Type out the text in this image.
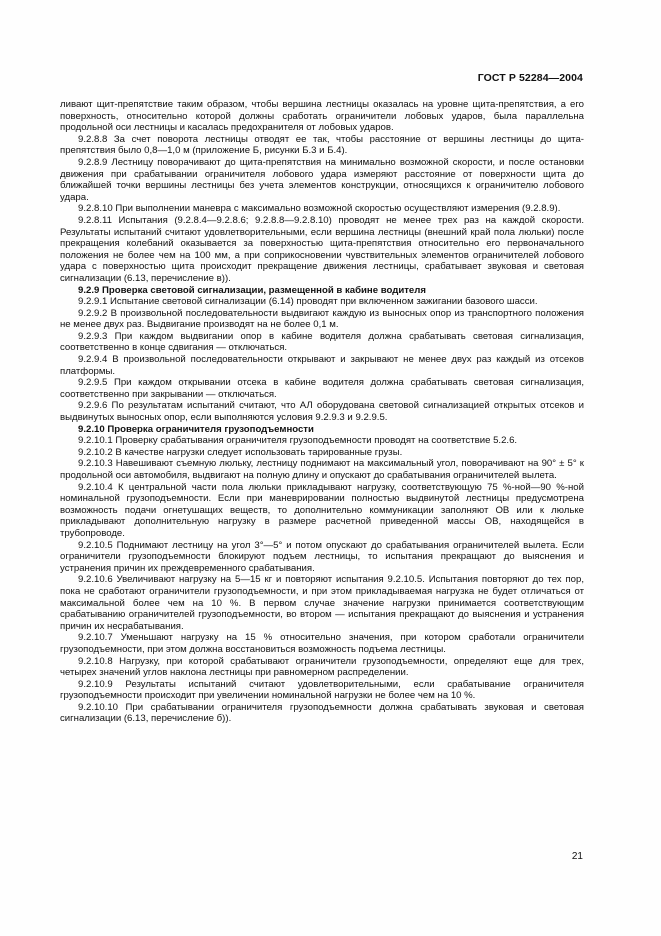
ГОСТ Р 52284—2004

ливают щит-препятствие таким образом, чтобы вершина лестницы оказалась на уровне щита-препятствия, а его поверхность, относительно которой должны сработать ограничители лобовых ударов, была параллельна продольной оси лестницы и касалась предохранителя от лобовых ударов.

9.2.8.8 За счет поворота лестницы отводят ее так, чтобы расстояние от вершины лестницы до щита-препятствия было 0,8—1,0 м (приложение Б, рисунки Б.3 и Б.4).

9.2.8.9 Лестницу поворачивают до щита-препятствия на минимально возможной скорости, и после остановки движения при срабатывании ограничителя лобового удара измеряют расстояние от поверхности щита до ближайшей точки вершины лестницы без учета элементов конструкции, относящихся к ограничителю лобового удара.

9.2.8.10 При выполнении маневра с максимально возможной скоростью осуществляют измерения (9.2.8.9).

9.2.8.11 Испытания (9.2.8.4—9.2.8.6; 9.2.8.8—9.2.8.10) проводят не менее трех раз на каждой скорости. Результаты испытаний считают удовлетворительными, если вершина лестницы (внешний край пола люльки) после прекращения колебаний оказывается за поверхностью щита-препятствия относительно его первоначального положения не более чем на 100 мм, а при соприкосновении чувствительных элементов ограничителей лобового удара с поверхностью щита происходит прекращение движения лестницы, срабатывает звуковая и световая сигнализации (6.13, перечисление в)).

9.2.9 Проверка световой сигнализации, размещенной в кабине водителя

9.2.9.1 Испытание световой сигнализации (6.14) проводят при включенном зажигании базового шасси.

9.2.9.2 В произвольной последовательности выдвигают каждую из выносных опор из транспортного положения не менее двух раз. Выдвигание производят на не более 0,1 м.

9.2.9.3 При каждом выдвигании опор в кабине водителя должна срабатывать световая сигнализация, соответственно в конце сдвигания — отключаться.

9.2.9.4 В произвольной последовательности открывают и закрывают не менее двух раз каждый из отсеков платформы.

9.2.9.5 При каждом открывании отсека в кабине водителя должна срабатывать световая сигнализация, соответственно при закрывании — отключаться.

9.2.9.6 По результатам испытаний считают, что АЛ оборудована световой сигнализацией открытых отсеков и выдвинутых выносных опор, если выполняются условия 9.2.9.3 и 9.2.9.5.

9.2.10 Проверка ограничителя грузоподъемности

9.2.10.1 Проверку срабатывания ограничителя грузоподъемности проводят на соответствие 5.2.6.

9.2.10.2 В качестве нагрузки следует использовать тарированные грузы.

9.2.10.3 Навешивают съемную люльку, лестницу поднимают на максимальный угол, поворачивают на 90° ± 5° к продольной оси автомобиля, выдвигают на полную длину и опускают до срабатывания ограничителей вылета.

9.2.10.4 К центральной части пола люльки прикладывают нагрузку, соответствующую 75 %-ной—90 %-ной номинальной грузоподъемности. Если при маневрировании полностью выдвинутой лестницы предусмотрена возможность подачи огнетушащих веществ, то дополнительно коммуникации заполняют ОВ или к люльке прикладывают дополнительную нагрузку в размере расчетной приведенной массы ОВ, находящейся в трубопроводе.

9.2.10.5 Поднимают лестницу на угол 3°—5° и потом опускают до срабатывания ограничителей вылета. Если ограничители грузоподъемности блокируют подъем лестницы, то испытания прекращают до выяснения и устранения причин их преждевременного срабатывания.

9.2.10.6 Увеличивают нагрузку на 5—15 кг и повторяют испытания 9.2.10.5. Испытания повторяют до тех пор, пока не сработают ограничители грузоподъемности, и при этом прикладываемая нагрузка не будет отличаться от максимальной более чем на 10 %. В первом случае значение нагрузки принимается соответствующим срабатыванию ограничителей грузоподъемности, во втором — испытания прекращают до выяснения и устранения причин их несрабатывания.

9.2.10.7 Уменьшают нагрузку на 15 % относительно значения, при котором сработали ограничители грузоподъемности, при этом должна восстановиться возможность подъема лестницы.

9.2.10.8 Нагрузку, при которой срабатывают ограничители грузоподъемности, определяют еще для трех, четырех значений углов наклона лестницы при равномерном распределении.

9.2.10.9 Результаты испытаний считают удовлетворительными, если срабатывание ограничителя грузоподъемности происходит при увеличении номинальной нагрузки не более чем на 10 %.

9.2.10.10 При срабатывании ограничителя грузоподъемности должна срабатывать звуковая и световая сигнализации (6.13, перечисление б)).

21
